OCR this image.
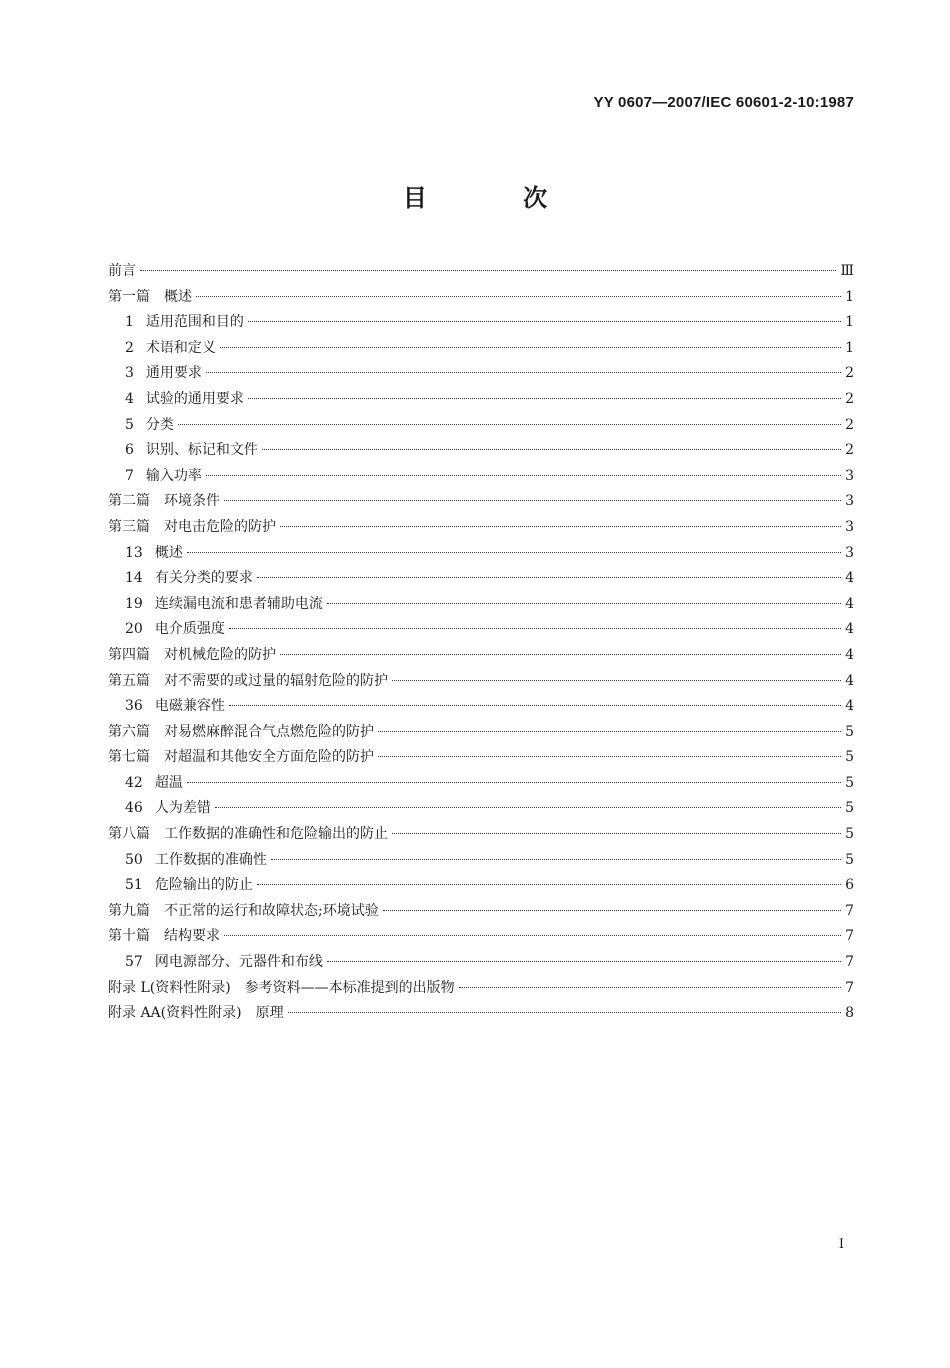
YY 0607—2007/IEC 60601-2-10:1987
目 次
前言	Ⅲ
第一篇　概述	1
1 适用范围和目的	1
2 术语和定义	1
3 通用要求	2
4 试验的通用要求	2
5 分类	2
6 识别、标记和文件	2
7 输入功率	3
第二篇　环境条件	3
第三篇　对电击危险的防护	3
13 概述	3
14 有关分类的要求	4
19 连续漏电流和患者辅助电流	4
20 电介质强度	4
第四篇　对机械危险的防护	4
第五篇　对不需要的或过量的辐射危险的防护	4
36 电磁兼容性	4
第六篇　对易燃麻醉混合气点燃危险的防护	5
第七篇　对超温和其他安全方面危险的防护	5
42 超温	5
46 人为差错	5
第八篇　工作数据的准确性和危险输出的防止	5
50 工作数据的准确性	5
51 危险输出的防止	6
第九篇　不正常的运行和故障状态;环境试验	7
第十篇　结构要求	7
57 网电源部分、元器件和布线	7
附录 L(资料性附录)　参考资料——本标准提到的出版物	7
附录 AA(资料性附录)　原理	8
I
